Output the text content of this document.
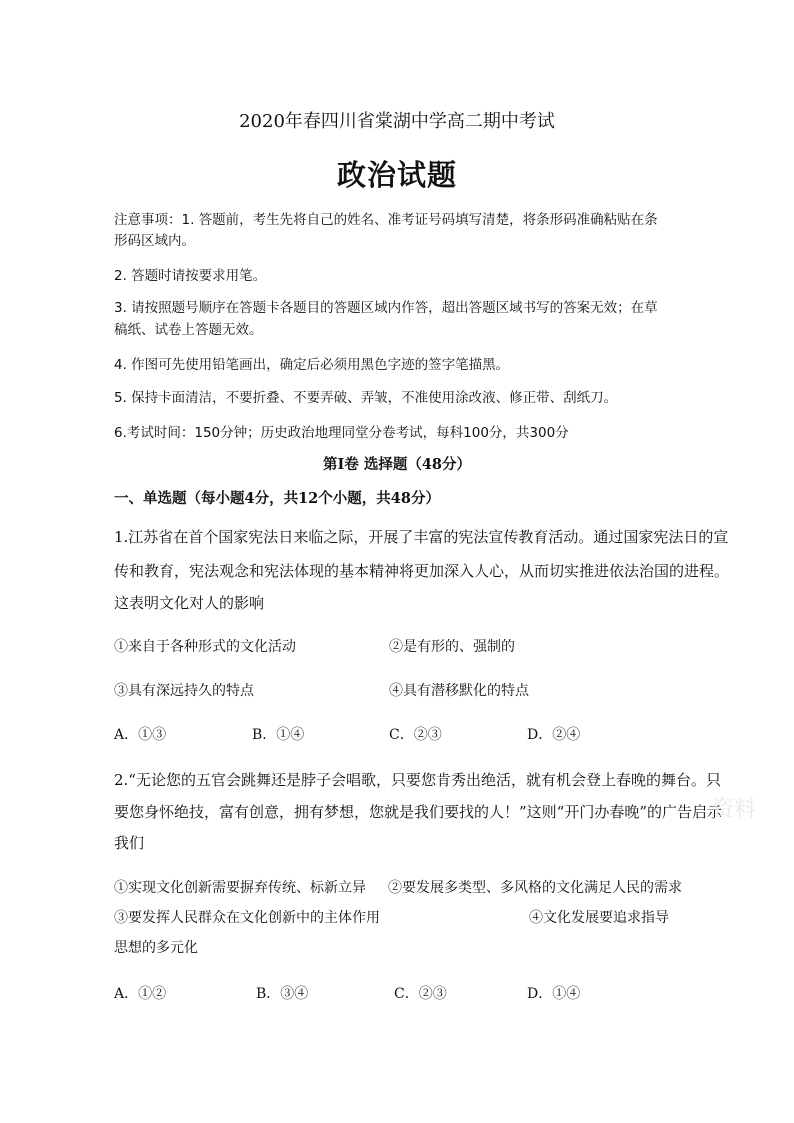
2020年春四川省棠湖中学高二期中考试
政治试题
注意事项：1. 答题前，考生先将自己的姓名、准考证号码填写清楚，将条形码准确粘贴在条
形码区域内。
2. 答题时请按要求用笔。
3. 请按照题号顺序在答题卡各题目的答题区域内作答，超出答题区域书写的答案无效；在草
稿纸、试卷上答题无效。
4. 作图可先使用铅笔画出，确定后必须用黑色字迹的签字笔描黑。
5. 保持卡面清洁，不要折叠、不要弄破、弄皱，不准使用涂改液、修正带、刮纸刀。
6.考试时间：150分钟；历史政治地理同堂分卷考试，每科100分，共300分
第Ⅰ卷 选择题（48分）
一、单选题（每小题4分，共12个小题，共48分）
1.江苏省在首个国家宪法日来临之际，开展了丰富的宪法宣传教育活动。通过国家宪法日的宣
传和教育，宪法观念和宪法体现的基本精神将更加深入人心，从而切实推进依法治国的进程。
这表明文化对人的影响
①来自于各种形式的文化活动	②是有形的、强制的
③具有深远持久的特点	④具有潜移默化的特点
A．①③	B．①④	C．②③	D．②④
2.“无论您的五官会跳舞还是脖子会唱歌，只要您肯秀出绝活，就有机会登上春晚的舞台。只
要您身怀绝技，富有创意，拥有梦想，您就是我们要找的人！”这则“开门办春晚”的广告启示
我们
①实现文化创新需要摒弃传统、标新立异 ②要发展多类型、多风格的文化满足人民的需求
③要发挥人民群众在文化创新中的主体作用	④文化发展要追求指导
思想的多元化
A．①②	B．③④	C．②③	D．①④
资料
